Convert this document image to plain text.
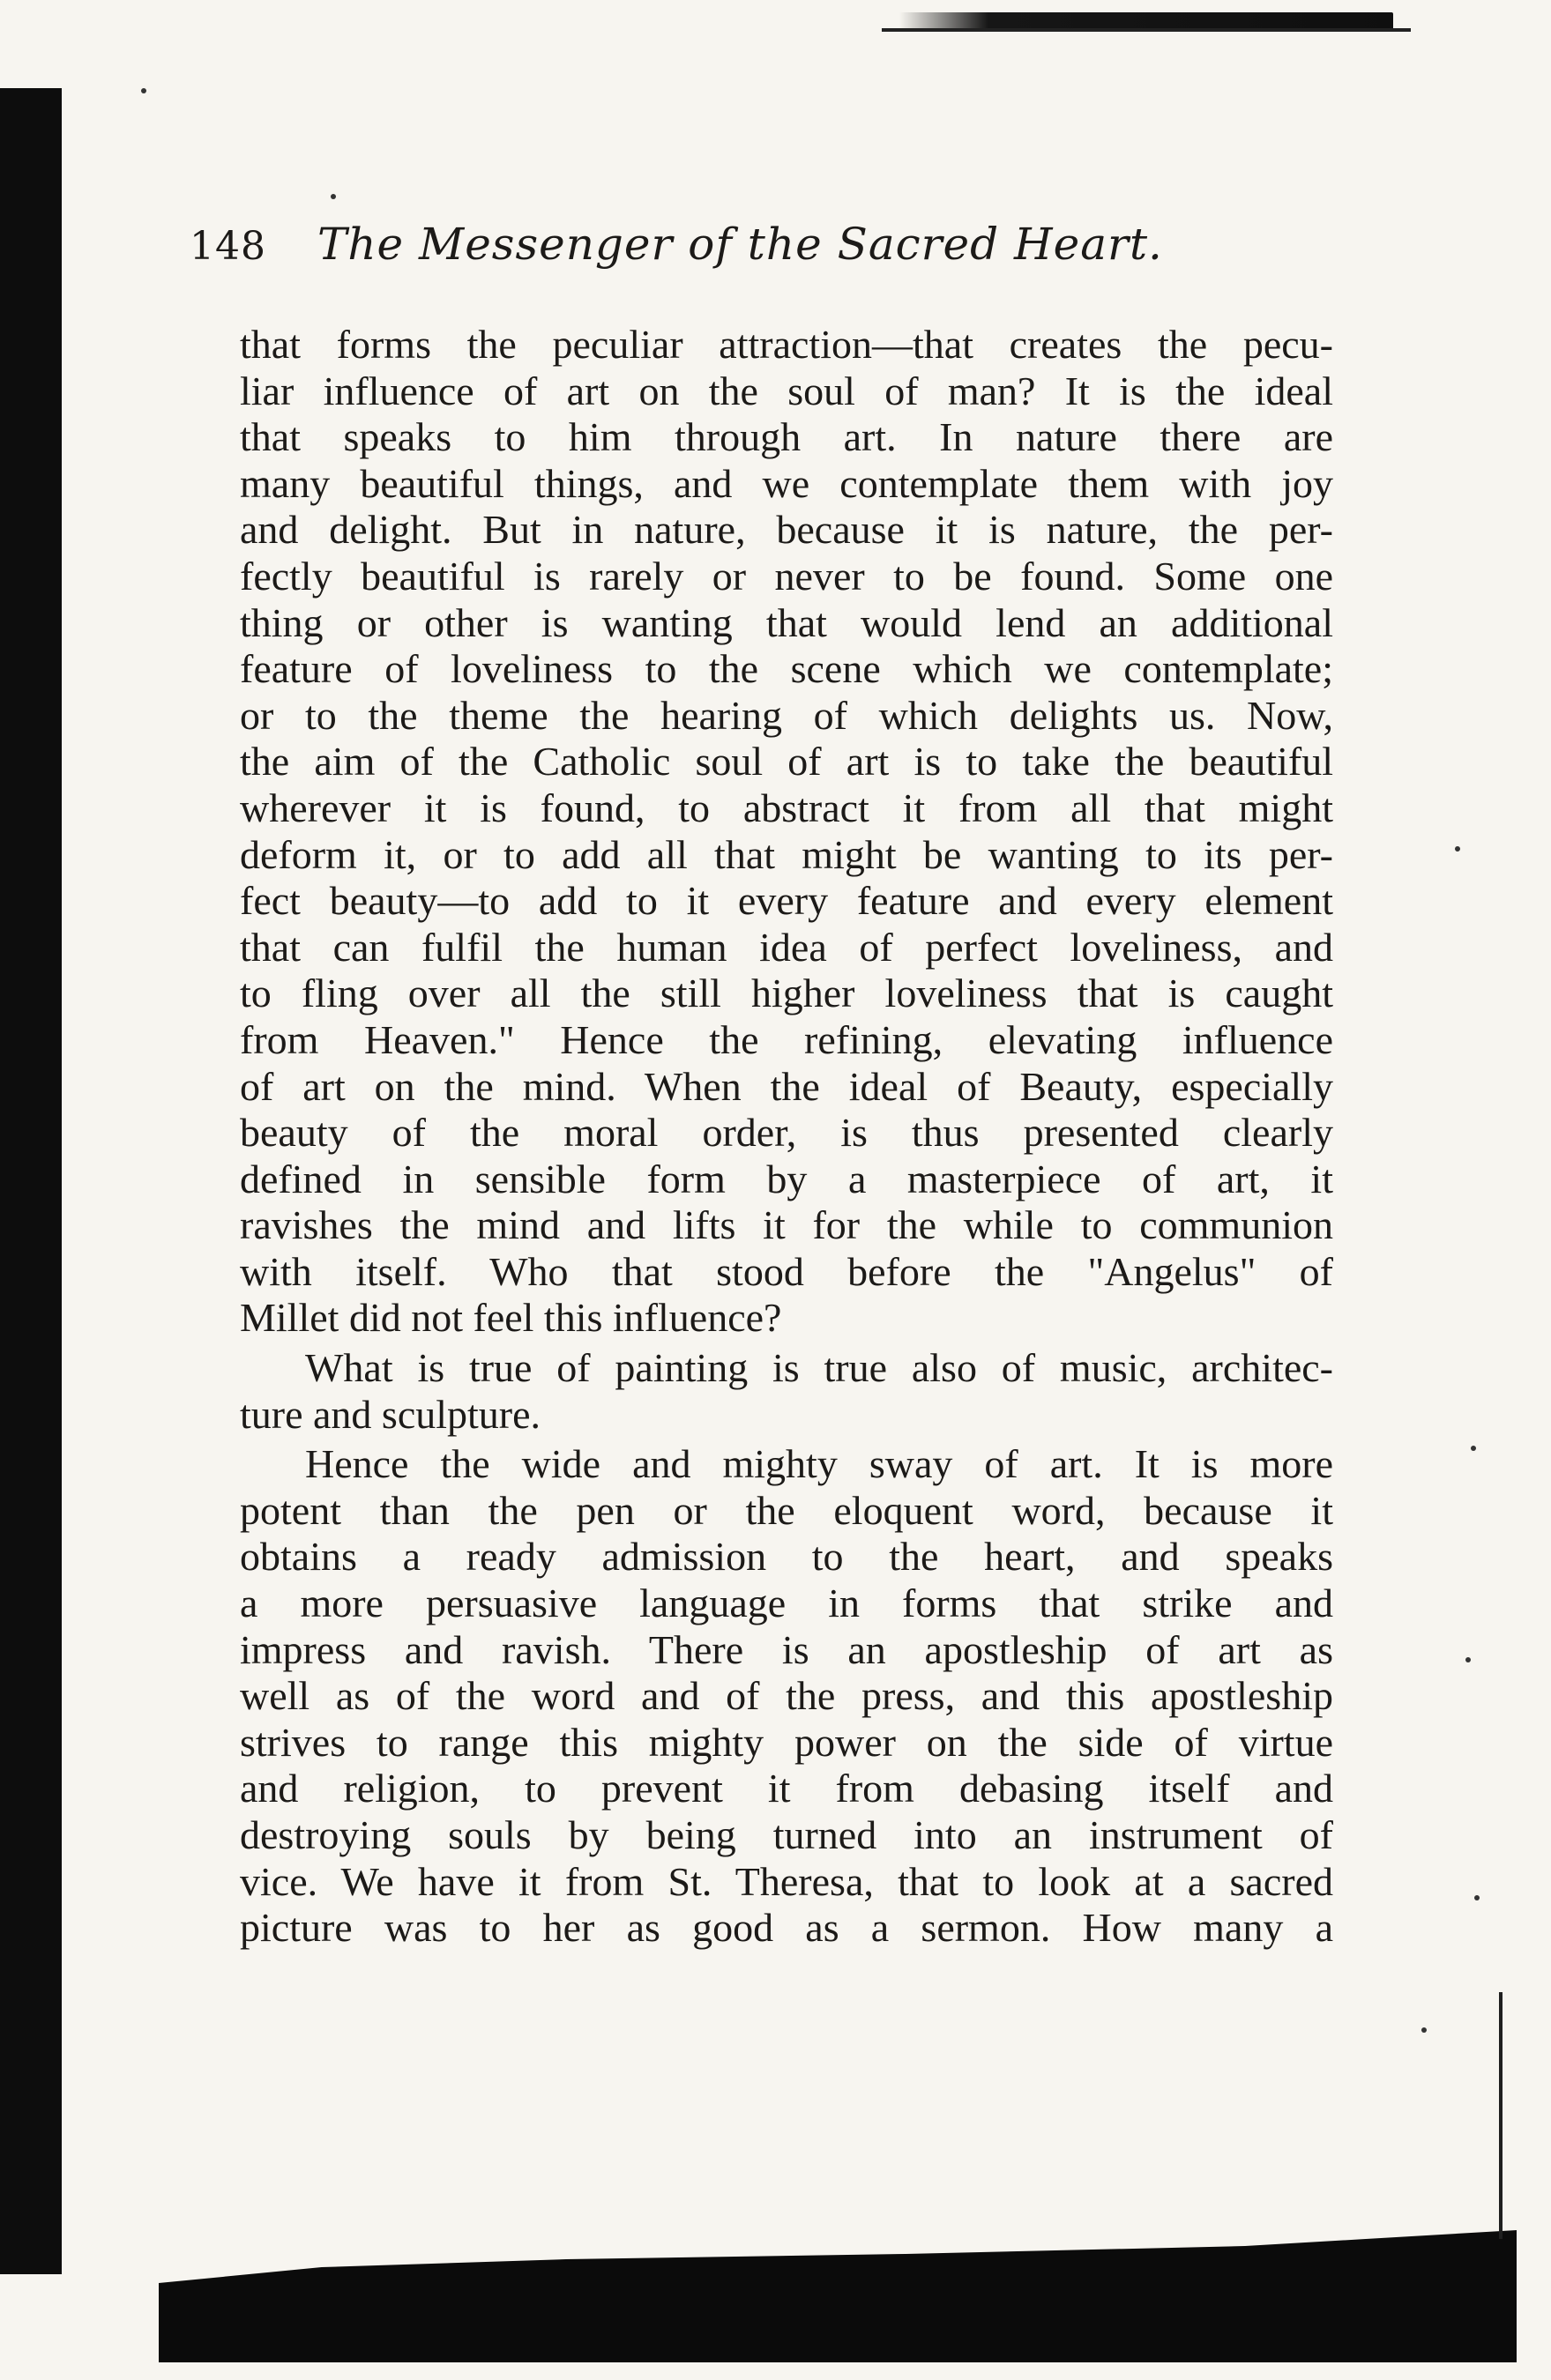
148 The Messenger of the Sacred Heart.
that forms the peculiar attraction—that creates the pecu-
liar influence of art on the soul of man? It is the ideal
that speaks to him through art. In nature there are
many beautiful things, and we contemplate them with joy
and delight. But in nature, because it is nature, the per-
fectly beautiful is rarely or never to be found. Some one
thing or other is wanting that would lend an additional
feature of loveliness to the scene which we contemplate;
or to the theme the hearing of which delights us. Now,
the aim of the Catholic soul of art is to take the beautiful
wherever it is found, to abstract it from all that might
deform it, or to add all that might be wanting to its per-
fect beauty—to add to it every feature and every element
that can fulfil the human idea of perfect loveliness, and
to fling over all the still higher loveliness that is caught
from Heaven." Hence the refining, elevating influence
of art on the mind. When the ideal of Beauty, especially
beauty of the moral order, is thus presented clearly
defined in sensible form by a masterpiece of art, it
ravishes the mind and lifts it for the while to communion
with itself. Who that stood before the "Angelus" of
Millet did not feel this influence?
What is true of painting is true also of music, architec-
ture and sculpture.
Hence the wide and mighty sway of art. It is more
potent than the pen or the eloquent word, because it
obtains a ready admission to the heart, and speaks
a more persuasive language in forms that strike and
impress and ravish. There is an apostleship of art as
well as of the word and of the press, and this apostleship
strives to range this mighty power on the side of virtue
and religion, to prevent it from debasing itself and
destroying souls by being turned into an instrument of
vice. We have it from St. Theresa, that to look at a sacred
picture was to her as good as a sermon. How many a
